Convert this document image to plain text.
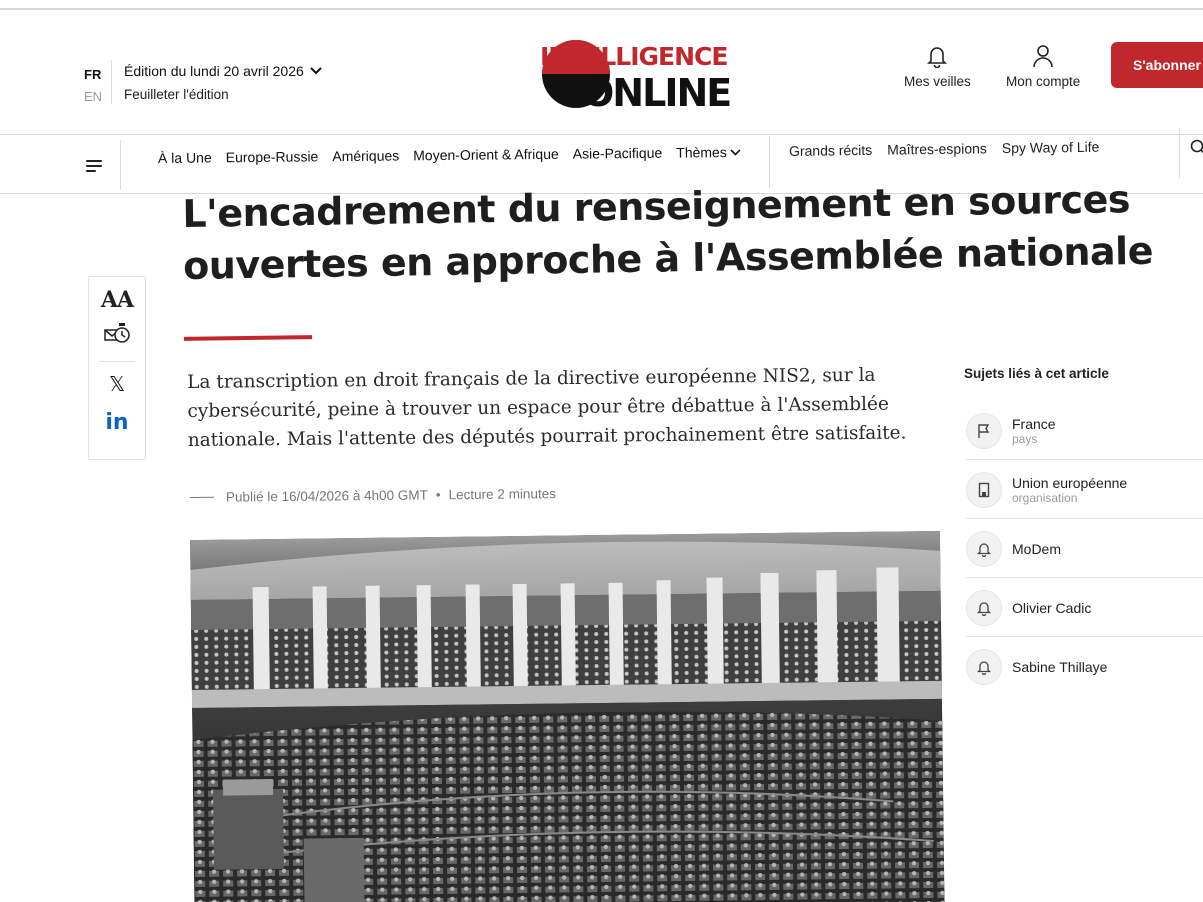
FR
EN
Édition du lundi 20 avril 2026
Feuilleter l'édition
INTELLIGENCE
ONLINE	Mes veilles	Mon compte
S'abonner
À la Une Europe-Russie Amériques Moyen-Orient & Afrique Asie-Pacifique Thèmes	Grands récits Maîtres-espions Spy Way of Life
L'encadrement du renseignement en sources ouvertes en approche à l'Assemblée nationale
AA
𝕏
in

La transcription en droit français de la directive européenne NIS2, sur la cybersécurité, peine à trouver un espace pour être débattue à l'Assemblée nationale. Mais l'attente des députés pourrait prochainement être satisfaite.

Publié le 16/04/2026 à 4h00 GMT • Lecture 2 minutes
Sujets liés à cet article
France
pays
Union européenne
organisation
MoDem
Olivier Cadic
Sabine Thillaye
